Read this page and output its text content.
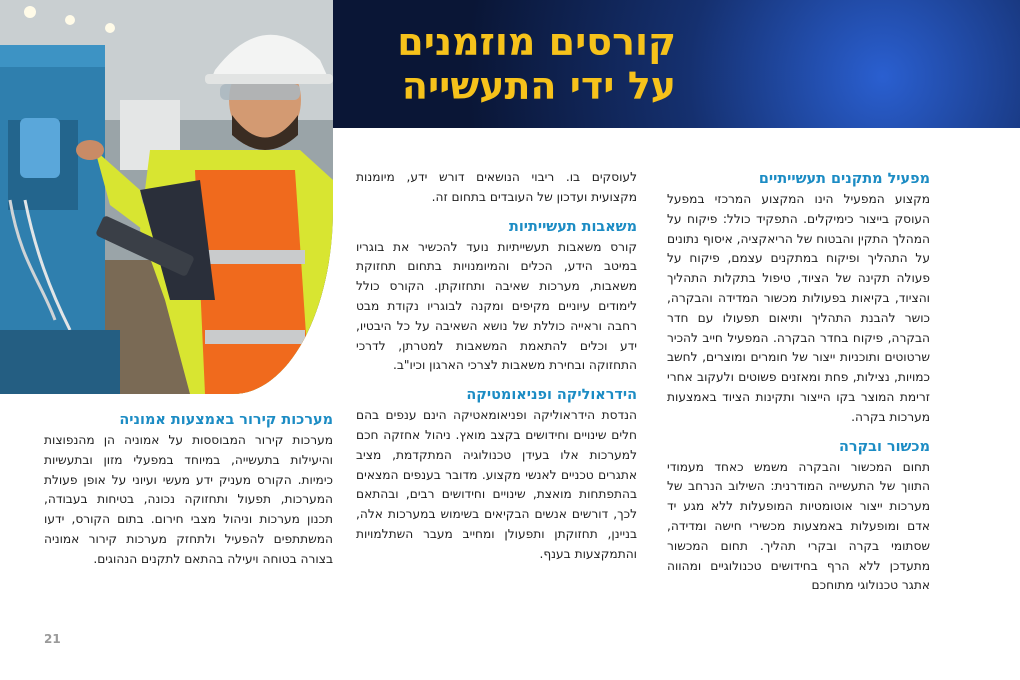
קורסים מוזמנים
על ידי התעשייה
מפעיל מתקנים תעשייתיים

מקצוע המפעיל הינו המקצוע המרכזי במפעל העוסק בייצור כימיקלים. התפקיד כולל: פיקוח על המהלך התקין והבטוח של הריאקציה, איסוף נתונים על התהליך ופיקוח במתקנים עצמם, פיקוח על פעולה תקינה של הציוד, טיפול בתקלות התהליך והציוד, בקיאות בפעולות מכשור המדידה והבקרה, כושר להבנת התהליך ותיאום תפעולו עם חדר הבקרה, פיקוח בחדר הבקרה. המפעיל חייב להכיר שרטוטים ותוכניות ייצור של חומרים ומוצרים, לחשב כמויות, נצילות, פחת ומאזנים פשוטים ולעקוב אחרי זרימת המוצר בקו הייצור ותקינות הציוד באמצעות מערכות בקרה.

מכשור ובקרה

תחום המכשור והבקרה משמש כאחד מעמודי התווך של התעשייה המודרנית: השילוב הנרחב של מערכות ייצור אוטומטיות המופעלות ללא מגע יד אדם ומופעלות באמצעות מכשירי חישה ומדידה, שסתומי בקרה ובקרי תהליך. תחום המכשור מתעדכן ללא הרף בחידושים טכנולוגיים ומהווה אתגר טכנולוגי מתוחכם

לעוסקים בו. ריבוי הנושאים דורש ידע, מיומנות מקצועית ועדכון של העובדים בתחום זה.

משאבות תעשייתיות

קורס משאבות תעשייתיות נועד להכשיר את בוגריו במיטב הידע, הכלים והמיומנויות בתחום תחזוקת משאבות, מערכות שאיבה ותחזוקתן. הקורס כולל לימודים עיוניים מקיפים ומקנה לבוגריו נקודת מבט רחבה וראייה כוללת של נושא השאיבה על כל היבטיו, ידע וכלים להתאמת המשאבות למטרתן, לדרכי התחזוקה ובחירת משאבות לצרכי הארגון וכיו"ב.

הידראוליקה ופניאומטיקה

הנדסת הידראוליקה ופניאומאטיקה הינם ענפים בהם חלים שינויים וחידושים בקצב מואץ. ניהול אחזקה חכם למערכות אלו בעידן טכנולוגיה המתקדמת, מציב אתגרים טכניים לאנשי מקצוע. מדובר בענפים המצאים בהתפתחות מואצת, שינויים וחידושים רבים, ובהתאם לכך, דורשים אנשים הבקיאים בשימוש במערכות אלה, בניינן, תחזוקתן ותפעולן ומחייב מעבר השתלמויות והתמקצעות בענף.

מערכות קירור באמצעות אמוניה

מערכות קירור המבוססות על אמוניה הן מהנפוצות והיעילות בתעשייה, במיוחד במפעלי מזון ובתעשיות כימיות. הקורס מעניק ידע מעשי ועיוני על אופן פעולת המערכות, תפעול ותחזוקה נכונה, בטיחות בעבודה, תכנון מערכות וניהול מצבי חירום. בתום הקורס, ידעו המשתתפים להפעיל ולתחזק מערכות קירור אמוניה בצורה בטוחה ויעילה בהתאם לתקנים הנהוגים.

21
